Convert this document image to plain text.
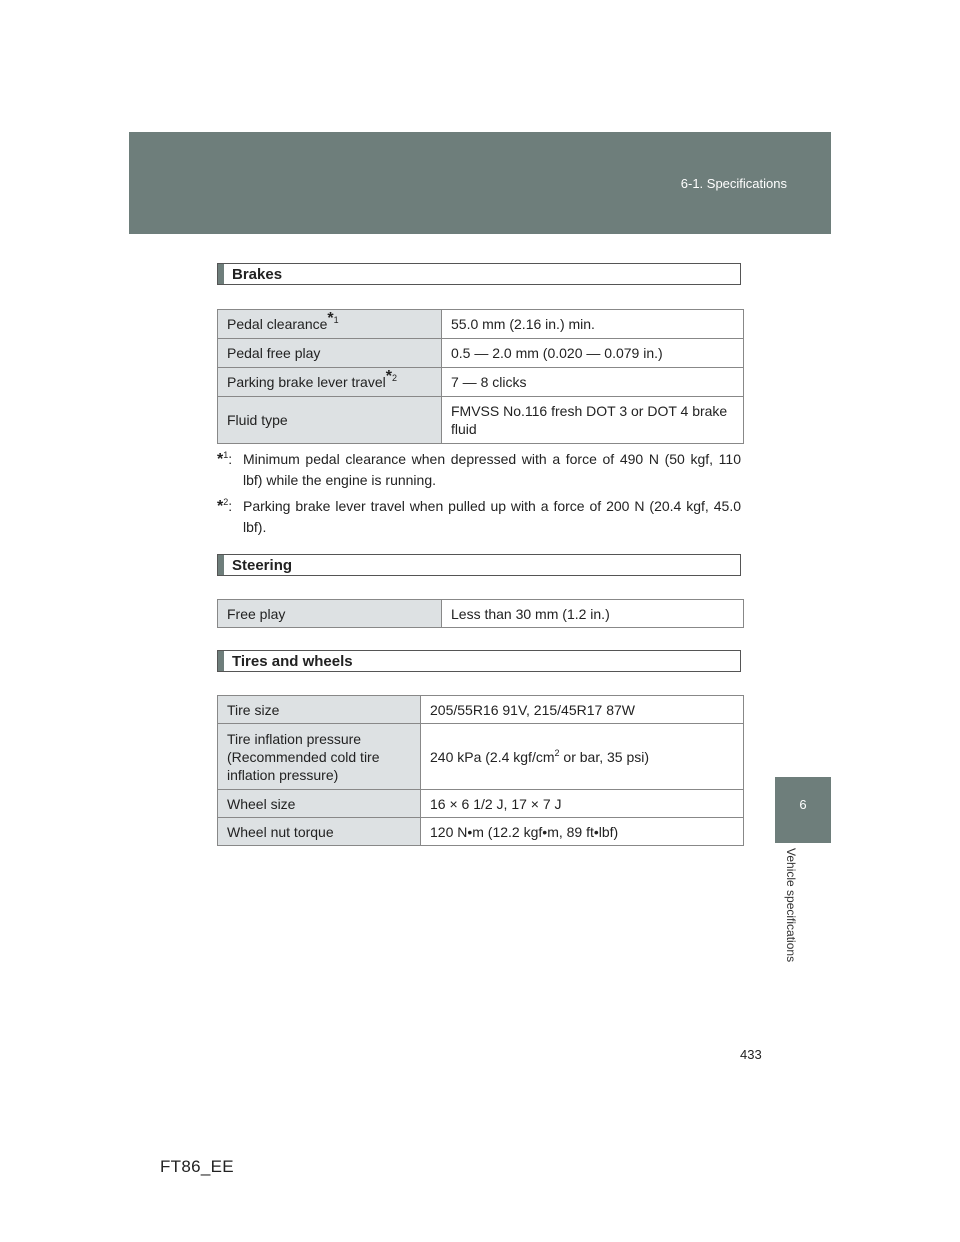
6-1. Specifications
6
Vehicle specifications
Brakes
Pedal clearance$^{*1}$	55.0 mm (2.16 in.) min.
Pedal free play	0.5 — 2.0 mm (0.020 — 0.079 in.)
Parking brake lever travel$^{*2}$	7 — 8 clicks
Fluid type	FMVSS No.116 fresh DOT 3 or DOT 4 brake fluid
*$^1$: Minimum pedal clearance when depressed with a force of 490 N (50 kgf, 110 lbf) while the engine is running.
*$^2$: Parking brake lever travel when pulled up with a force of 200 N (20.4 kgf, 45.0 lbf).
Steering
Free play	Less than 30 mm (1.2 in.)
Tires and wheels
Tire size	205/55R16 91V, 215/45R17 87W
Tire inflation pressure (Recommended cold tire inflation pressure)	240 kPa (2.4 kgf/$cm^2$ or bar, 35 psi)
Wheel size	16 × 6 1/2 J, 17 × 7 J
Wheel nut torque	120 N•m (12.2 kgf•m, 89 ft•lbf)
433
FT86_EE
